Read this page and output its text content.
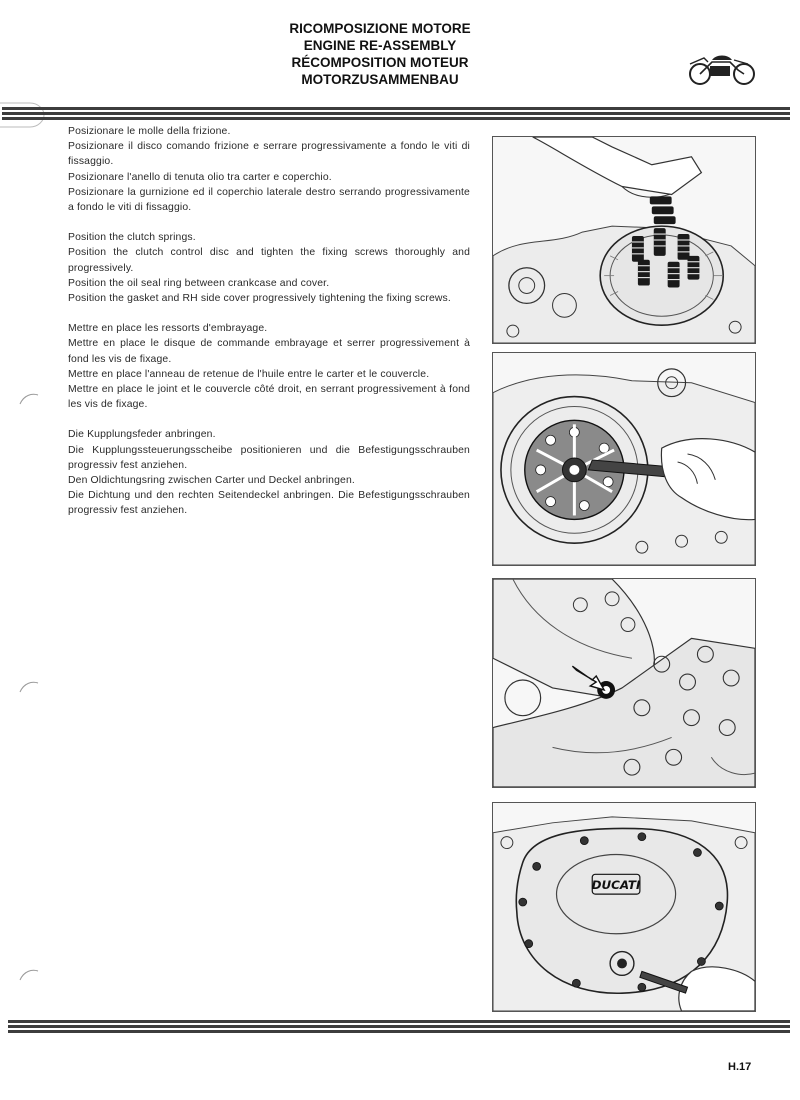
RICOMPOSIZIONE MOTORE
ENGINE RE-ASSEMBLY
RÉCOMPOSITION MOTEUR
MOTORZUSAMMENBAU

Posizionare le molle della frizione.

Posizionare il disco comando frizione e serrare progressivamente a fondo le viti di fissaggio.

Posizionare l'anello di tenuta olio tra carter e coperchio.

Posizionare la gurnizione ed il coperchio laterale destro serrando progressivamente a fondo le viti di fissaggio.

Position the clutch springs.

Position the clutch control disc and tighten the fixing screws thoroughly and progressively.

Position the oil seal ring between crankcase and cover.

Position the gasket and RH side cover progressively tightening the fixing screws.

Mettre en place les ressorts d'embrayage.

Mettre en place le disque de commande embrayage et serrer progressivement à fond les vis de fixage.

Mettre en place l'anneau de retenue de l'huile entre le carter et le couvercle.

Mettre en place le joint et le couvercle côté droit, en serrant progressivement à fond les vis de fixage.

Die Kupplungsfeder anbringen.

Die Kupplungssteuerungsscheibe positionieren und die Befestigungsschrauben progressiv fest anziehen.

Den Oldichtungsring zwischen Carter und Deckel anbringen.

Die Dichtung und den rechten Seitendeckel anbringen. Die Befestigungsschrauben progressiv fest anziehen.

DUCATI
H.17
